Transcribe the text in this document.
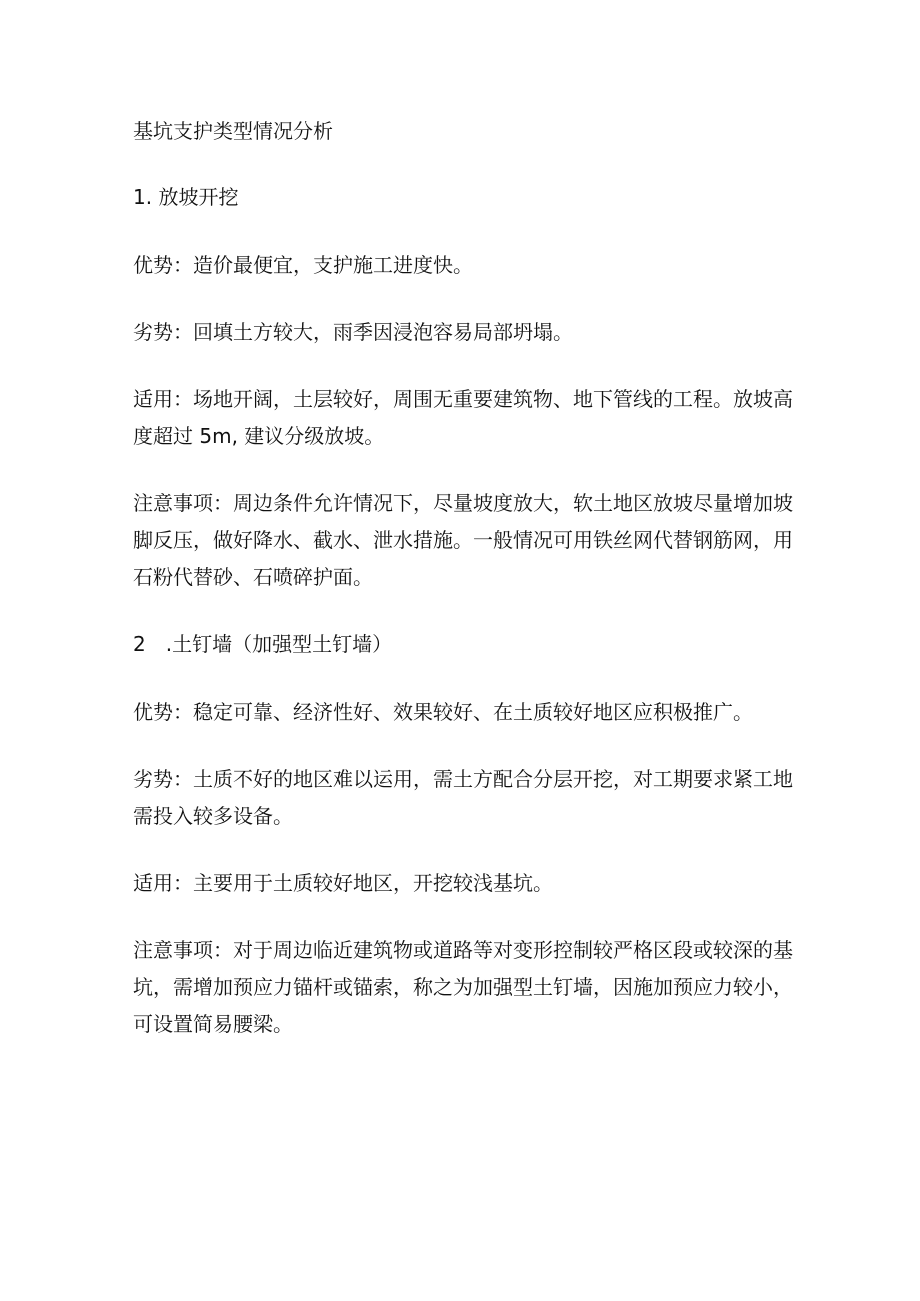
基坑支护类型情况分析

1. 放坡开挖

优势：造价最便宜，支护施工进度快。

劣势：回填土方较大，雨季因浸泡容易局部坍塌。

适用：场地开阔，土层较好，周围无重要建筑物、地下管线的工程。放坡高度超过 5m, 建议分级放坡。

注意事项：周边条件允许情况下，尽量坡度放大，软土地区放坡尽量增加坡脚反压，做好降水、截水、泄水措施。一般情况可用铁丝网代替钢筋网，用石粉代替砂、石喷碎护面。

2　.土钉墙（加强型土钉墙）

优势：稳定可靠、经济性好、效果较好、在土质较好地区应积极推广。

劣势：土质不好的地区难以运用，需土方配合分层开挖，对工期要求紧工地需投入较多设备。

适用：主要用于土质较好地区，开挖较浅基坑。

注意事项：对于周边临近建筑物或道路等对变形控制较严格区段或较深的基坑，需增加预应力锚杆或锚索，称之为加强型土钉墙，因施加预应力较小，可设置简易腰梁。
